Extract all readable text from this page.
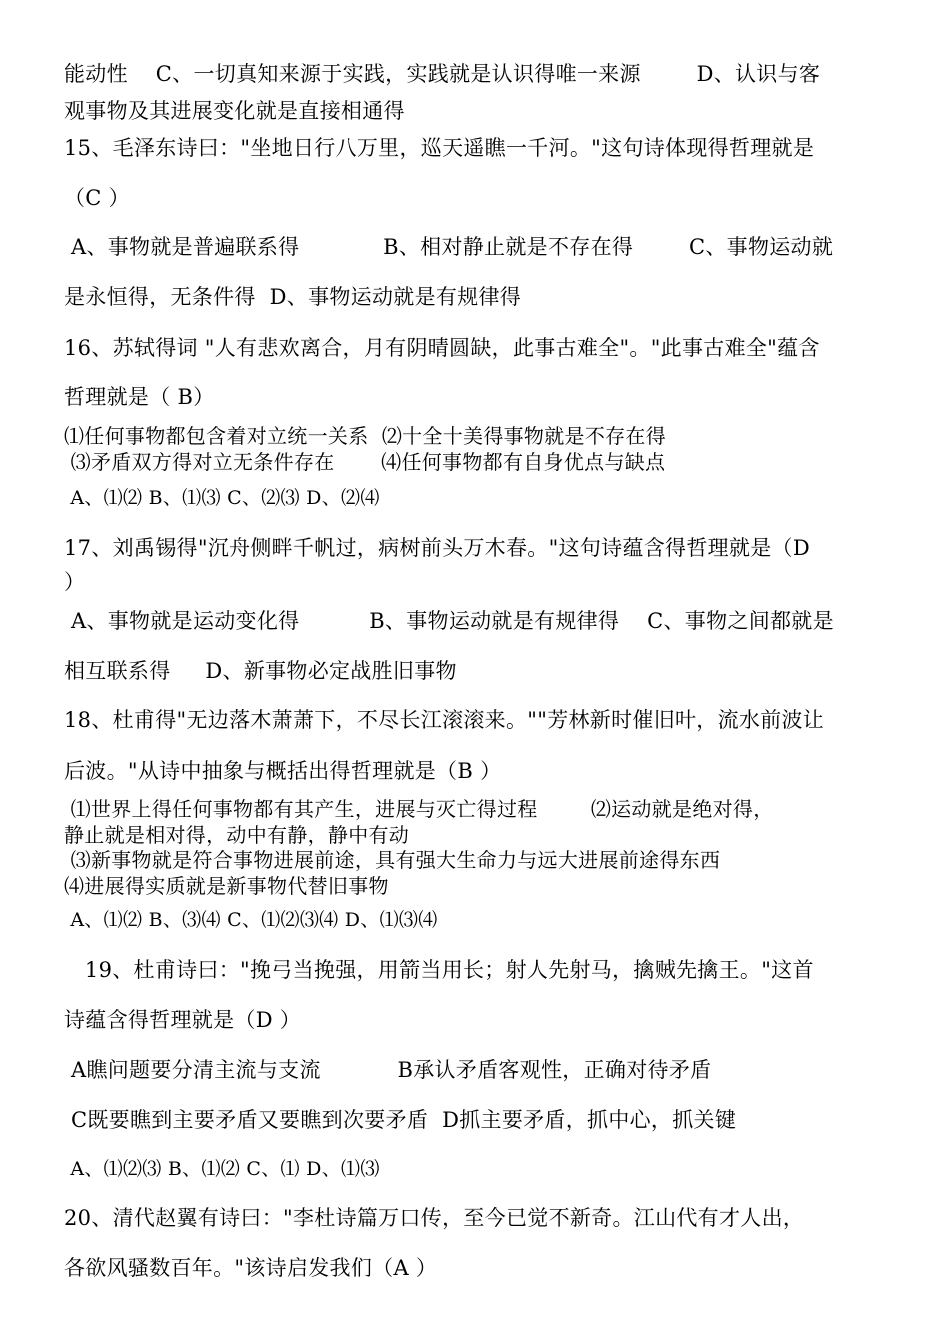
能动性    C、一切真知来源于实践，实践就是认识得唯一来源        D、认识与客
观事物及其进展变化就是直接相通得
15、毛泽东诗曰："坐地日行八万里，巡天遥瞧一千河。"这句诗体现得哲理就是
（C ）
A、事物就是普遍联系得            B、相对静止就是不存在得        C、事物运动就
是永恒得，无条件得  D、事物运动就是有规律得
16、苏轼得词 "人有悲欢离合，月有阴晴圆缺，此事古难全"。"此事古难全"蕴含
哲理就是（ B）
⑴任何事物都包含着对立统一关系  ⑵十全十美得事物就是不存在得
⑶矛盾双方得对立无条件存在       ⑷任何事物都有自身优点与缺点
A、⑴⑵ B、⑴⑶ C、⑵⑶ D、⑵⑷
17、刘禹锡得"沉舟侧畔千帆过，病树前头万木春。"这句诗蕴含得哲理就是（D
）
A、事物就是运动变化得          B、事物运动就是有规律得    C、事物之间都就是
相互联系得     D、新事物必定战胜旧事物
18、杜甫得"无边落木萧萧下，不尽长江滚滚来。""芳林新时催旧叶，流水前波让
后波。"从诗中抽象与概括出得哲理就是（B ）
⑴世界上得任何事物都有其产生，进展与灭亡得过程        ⑵运动就是绝对得，
静止就是相对得，动中有静，静中有动
⑶新事物就是符合事物进展前途，具有强大生命力与远大进展前途得东西
⑷进展得实质就是新事物代替旧事物
A、⑴⑵ B、⑶⑷ C、⑴⑵⑶⑷ D、⑴⑶⑷
19、杜甫诗曰："挽弓当挽强，用箭当用长；射人先射马，擒贼先擒王。"这首
诗蕴含得哲理就是（D ）
A瞧问题要分清主流与支流           B承认矛盾客观性，正确对待矛盾
C既要瞧到主要矛盾又要瞧到次要矛盾  D抓主要矛盾，抓中心，抓关键
A、⑴⑵⑶ B、⑴⑵ C、⑴ D、⑴⑶
20、清代赵翼有诗曰："李杜诗篇万口传，至今已觉不新奇。江山代有才人出，
各欲风骚数百年。"该诗启发我们（A ）
